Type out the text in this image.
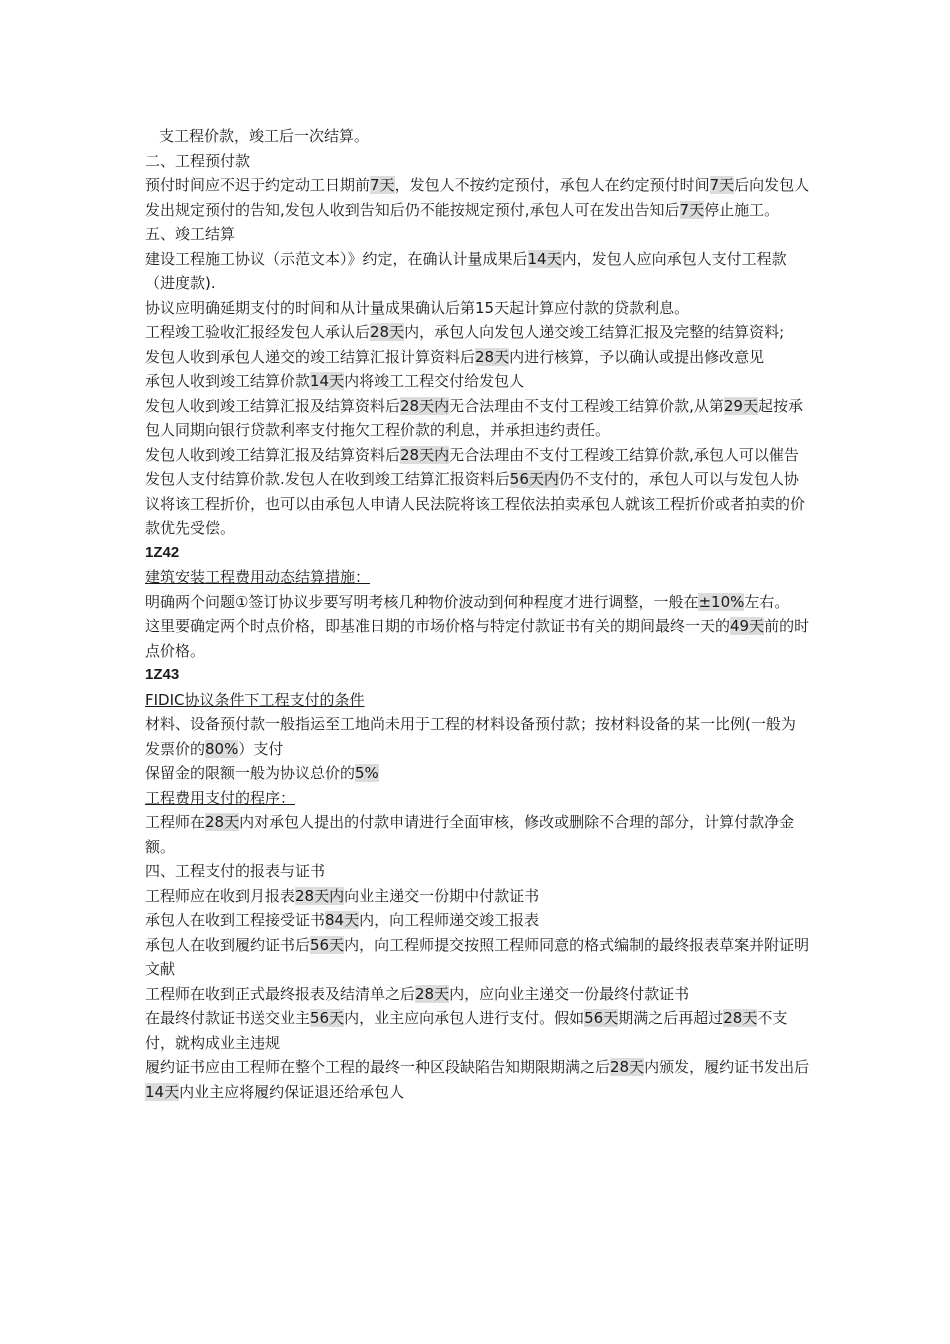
支工程价款，竣工后一次结算。

二、工程预付款

预付时间应不迟于约定动工日期前7天，发包人不按约定预付，承包人在约定预付时间7天后向发包人发出规定预付的告知,发包人收到告知后仍不能按规定预付,承包人可在发出告知后7天停止施工。

五、竣工结算

建设工程施工协议（示范文本）》约定，在确认计量成果后14天内，发包人应向承包人支付工程款（进度款).

协议应明确延期支付的时间和从计量成果确认后第15天起计算应付款的贷款利息。

工程竣工验收汇报经发包人承认后28天内，承包人向发包人递交竣工结算汇报及完整的结算资料;

发包人收到承包人递交的竣工结算汇报计算资料后28天内进行核算，予以确认或提出修改意见

承包人收到竣工结算价款14天内将竣工工程交付给发包人

发包人收到竣工结算汇报及结算资料后28天内无合法理由不支付工程竣工结算价款,从第29天起按承包人同期向银行贷款利率支付拖欠工程价款的利息，并承担违约责任。

发包人收到竣工结算汇报及结算资料后28天内无合法理由不支付工程竣工结算价款,承包人可以催告发包人支付结算价款.发包人在收到竣工结算汇报资料后56天内仍不支付的，承包人可以与发包人协议将该工程折价，也可以由承包人申请人民法院将该工程依法拍卖承包人就该工程折价或者拍卖的价款优先受偿。

1Z42

建筑安装工程费用动态结算措施：

明确两个问题①签订协议步要写明考核几种物价波动到何种程度才进行调整，一般在±10%左右。

这里要确定两个时点价格，即基准日期的市场价格与特定付款证书有关的期间最终一天的49天前的时点价格。

1Z43

FIDIC协议条件下工程支付的条件

材料、设备预付款一般指运至工地尚未用于工程的材料设备预付款；按材料设备的某一比例(一般为发票价的80%）支付

保留金的限额一般为协议总价的5%

工程费用支付的程序：

工程师在28天内对承包人提出的付款申请进行全面审核，修改或删除不合理的部分，计算付款净金额。

四、工程支付的报表与证书

工程师应在收到月报表28天内向业主递交一份期中付款证书

承包人在收到工程接受证书84天内，向工程师递交竣工报表

承包人在收到履约证书后56天内，向工程师提交按照工程师同意的格式编制的最终报表草案并附证明文献

工程师在收到正式最终报表及结清单之后28天内，应向业主递交一份最终付款证书

在最终付款证书送交业主56天内，业主应向承包人进行支付。假如56天期满之后再超过28天不支付，就构成业主违规

履约证书应由工程师在整个工程的最终一种区段缺陷告知期限期满之后28天内颁发，履约证书发出后14天内业主应将履约保证退还给承包人
